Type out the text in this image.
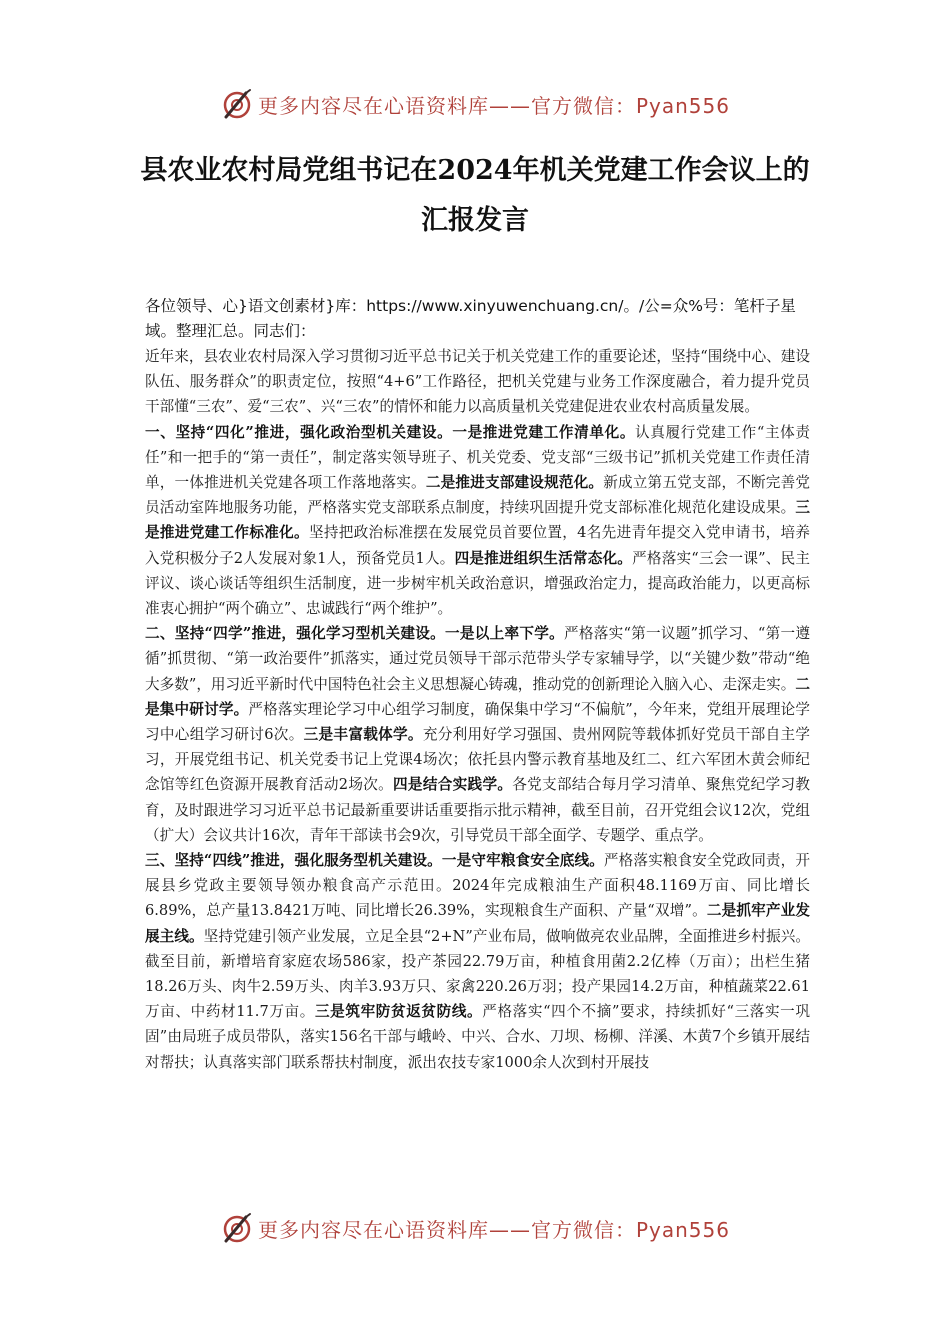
更多内容尽在心语资料库——官方微信：Pyan556
县农业农村局党组书记在2024年机关党建工作会议上的汇报发言

各位领导、心}语文创素材}库：https://www.xinyuwenchuang.cn/。/公=众%号：笔杆子星域。整理汇总。同志们：

近年来，县农业农村局深入学习贯彻习近平总书记关于机关党建工作的重要论述，坚持“围绕中心、建设队伍、服务群众”的职责定位，按照“4+6”工作路径，把机关党建与业务工作深度融合，着力提升党员干部懂“三农”、爱“三农”、兴“三农”的情怀和能力以高质量机关党建促进农业农村高质量发展。

一、坚持“四化”推进，强化政治型机关建设。一是推进党建工作清单化。认真履行党建工作“主体责任”和一把手的“第一责任”，制定落实领导班子、机关党委、党支部“三级书记”抓机关党建工作责任清单，一体推进机关党建各项工作落地落实。二是推进支部建设规范化。新成立第五党支部，不断完善党员活动室阵地服务功能，严格落实党支部联系点制度，持续巩固提升党支部标准化规范化建设成果。三是推进党建工作标准化。坚持把政治标准摆在发展党员首要位置，4名先进青年提交入党申请书，培养入党积极分子2人发展对象1人，预备党员1人。四是推进组织生活常态化。严格落实“三会一课”、民主评议、谈心谈话等组织生活制度，进一步树牢机关政治意识，增强政治定力，提高政治能力，以更高标准衷心拥护“两个确立”、忠诚践行“两个维护”。

二、坚持“四学”推进，强化学习型机关建设。一是以上率下学。严格落实“第一议题”抓学习、“第一遵循”抓贯彻、“第一政治要件”抓落实，通过党员领导干部示范带头学专家辅导学，以“关键少数”带动“绝大多数”，用习近平新时代中国特色社会主义思想凝心铸魂，推动党的创新理论入脑入心、走深走实。二是集中研讨学。严格落实理论学习中心组学习制度，确保集中学习“不偏航”，今年来，党组开展理论学习中心组学习研讨6次。三是丰富载体学。充分利用好学习强国、贵州网院等载体抓好党员干部自主学习，开展党组书记、机关党委书记上党课4场次；依托县内警示教育基地及红二、红六军团木黄会师纪念馆等红色资源开展教育活动2场次。四是结合实践学。各党支部结合每月学习清单、聚焦党纪学习教育，及时跟进学习习近平总书记最新重要讲话重要指示批示精神，截至目前，召开党组会议12次，党组（扩大）会议共计16次，青年干部读书会9次，引导党员干部全面学、专题学、重点学。

三、坚持“四线”推进，强化服务型机关建设。一是守牢粮食安全底线。严格落实粮食安全党政同责，开展县乡党政主要领导领办粮食高产示范田。2024年完成粮油生产面积48.1169万亩、同比增长6.89%，总产量13.8421万吨、同比增长26.39%，实现粮食生产面积、产量“双增”。二是抓牢产业发展主线。坚持党建引领产业发展，立足全县“2+N”产业布局，做响做亮农业品牌，全面推进乡村振兴。截至目前，新增培育家庭农场586家，投产茶园22.79万亩，种植食用菌2.2亿棒（万亩）；出栏生猪18.26万头、肉牛2.59万头、肉羊3.93万只、家禽220.26万羽；投产果园14.2万亩，种植蔬菜22.61万亩、中药材11.7万亩。三是筑牢防贫返贫防线。严格落实“四个不摘”要求，持续抓好“三落实一巩固”由局班子成员带队，落实156名干部与峨岭、中兴、合水、刀坝、杨柳、洋溪、木黄7个乡镇开展结对帮扶；认真落实部门联系帮扶村制度，派出农技专家1000余人次到村开展技

更多内容尽在心语资料库——官方微信：Pyan556
